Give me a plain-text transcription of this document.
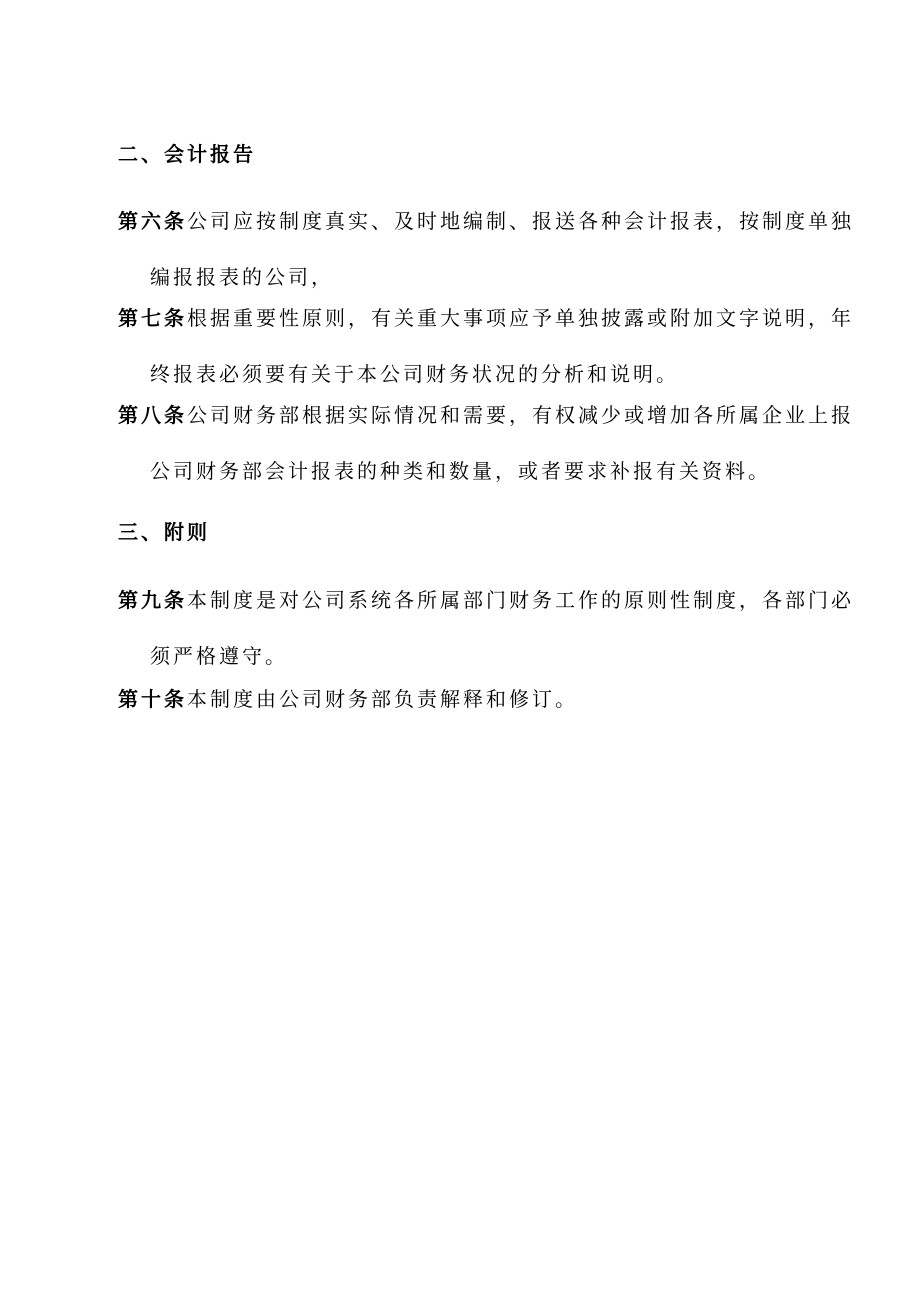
二、会计报告
第六条公司应按制度真实、及时地编制、报送各种会计报表，按制度单独
编报报表的公司，
第七条根据重要性原则，有关重大事项应予单独披露或附加文字说明，年
终报表必须要有关于本公司财务状况的分析和说明。
第八条公司财务部根据实际情况和需要，有权减少或增加各所属企业上报
公司财务部会计报表的种类和数量，或者要求补报有关资料。
三、附则
第九条本制度是对公司系统各所属部门财务工作的原则性制度，各部门必
须严格遵守。
第十条本制度由公司财务部负责解释和修订。
